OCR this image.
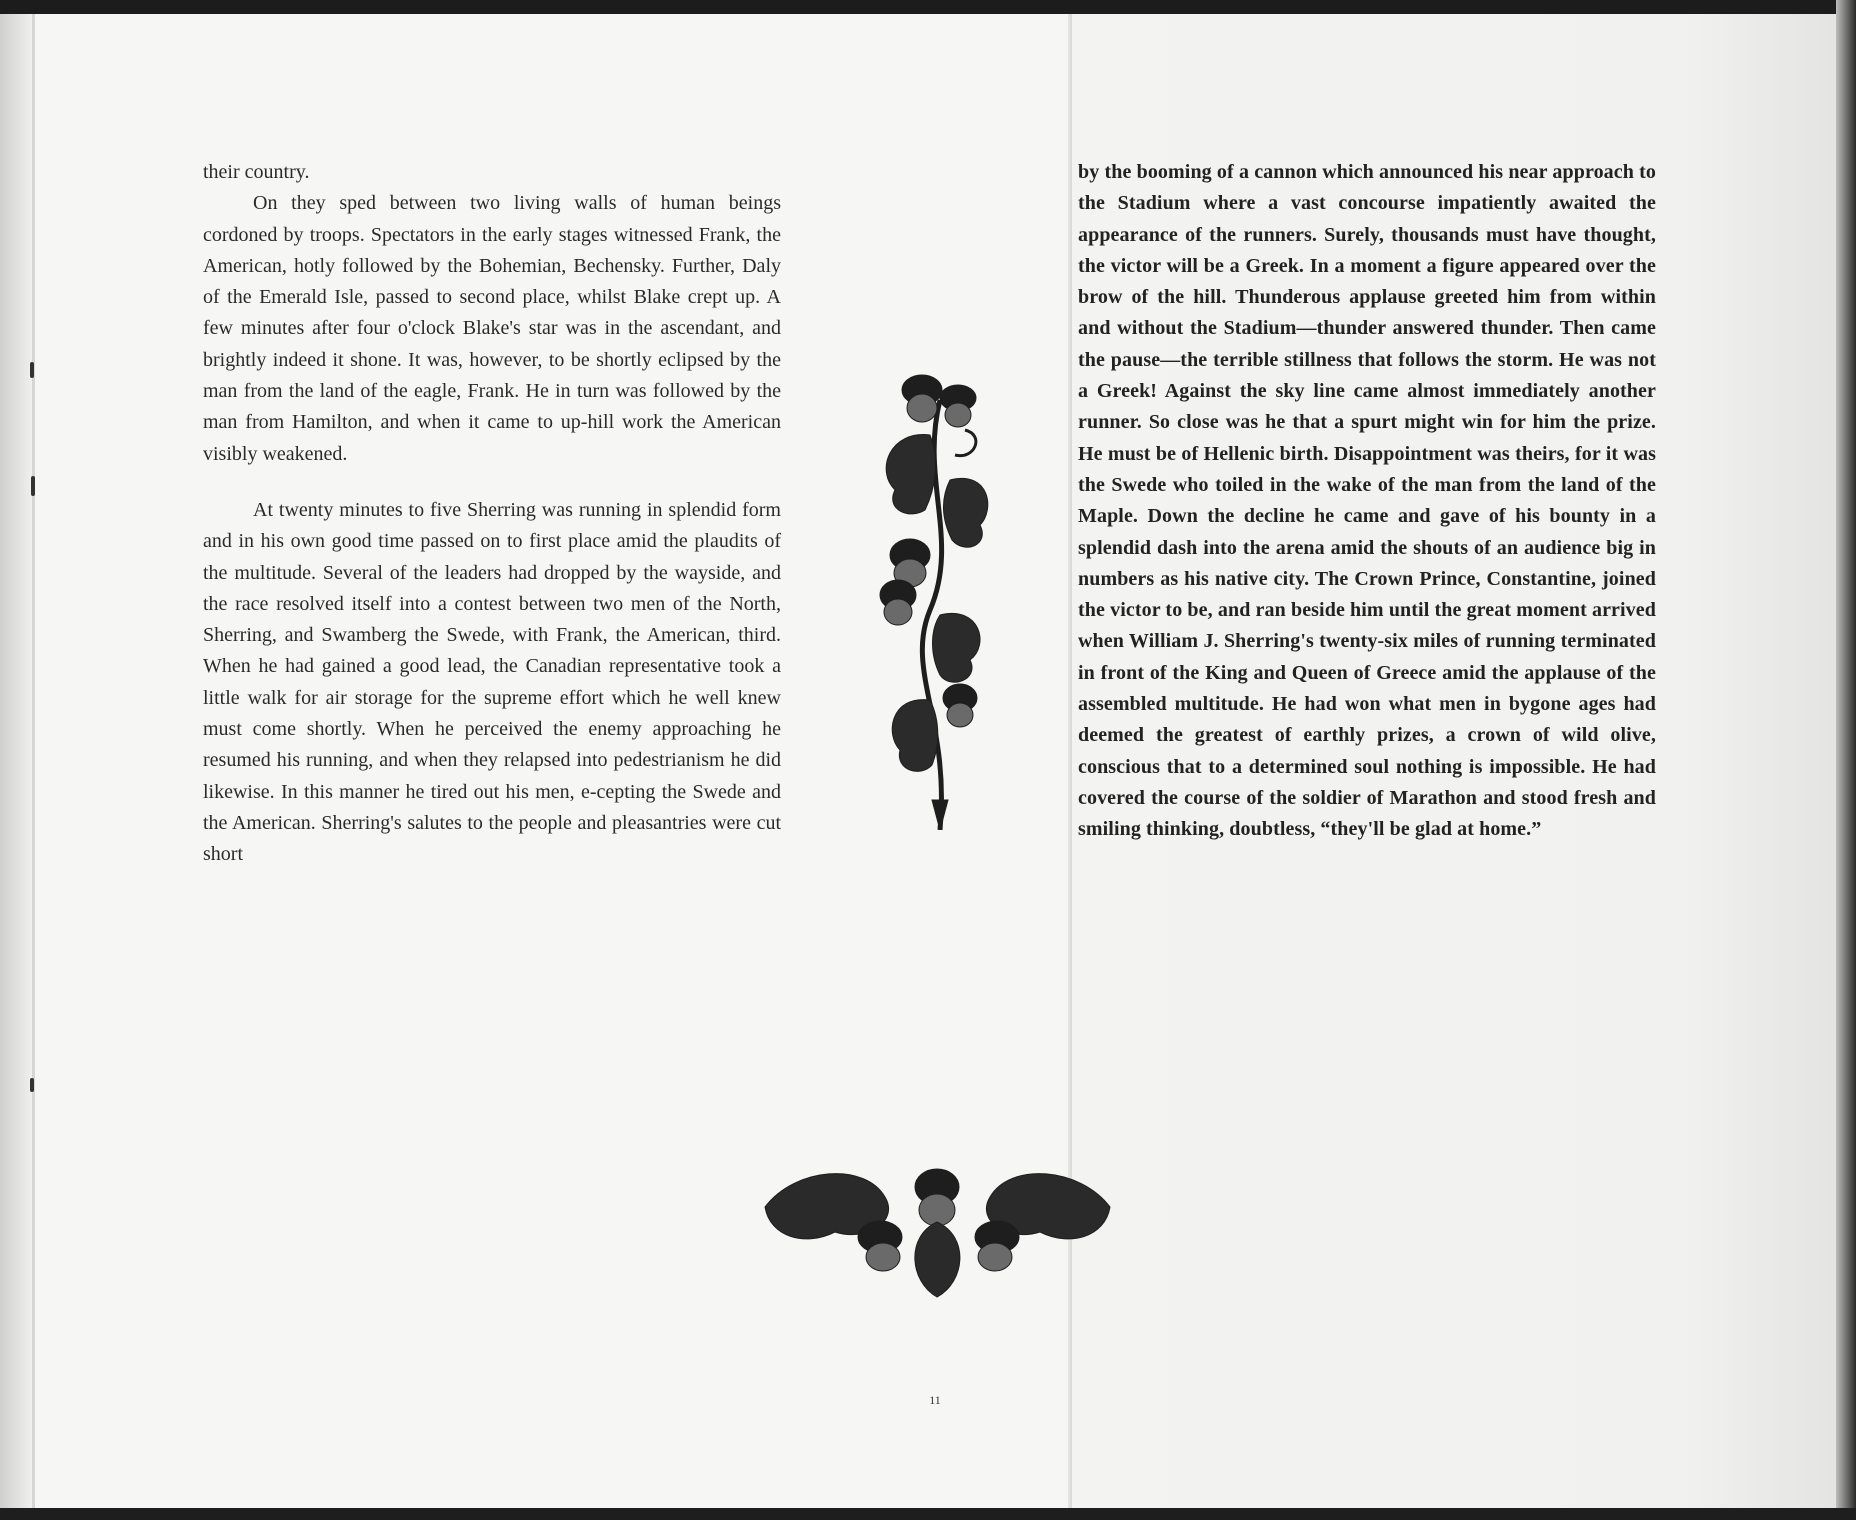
their country.

On they sped between two living walls of human beings cordoned by troops. Spectators in the early stages witnessed Frank, the American, hotly followed by the Bohemian, Bechensky. Further, Daly of the Emerald Isle, passed to second place, whilst Blake crept up. A few minutes after four o'clock Blake's star was in the ascendant, and brightly indeed it shone. It was, however, to be shortly eclipsed by the man from the land of the eagle, Frank. He in turn was followed by the man from Hamilton, and when it came to up-hill work the American visibly weakened.

At twenty minutes to five Sherring was running in splendid form and in his own good time passed on to first place amid the plaudits of the multitude. Several of the leaders had dropped by the wayside, and the race resolved itself into a contest between two men of the North, Sherring, and Swamberg the Swede, with Frank, the American, third. When he had gained a good lead, the Canadian representative took a little walk for air storage for the supreme effort which he well knew must come shortly. When he perceived the enemy approaching he resumed his running, and when they relapsed into pedestrianism he did likewise. In this manner he tired out his men, e‐cepting the Swede and the American. Sherring's salutes to the people and pleasantries were cut short

by the booming of a cannon which announced his near approach to the Stadium where a vast concourse impatiently awaited the appearance of the runners. Surely, thousands must have thought, the victor will be a Greek. In a moment a figure appeared over the brow of the hill. Thunderous applause greeted him from within and without the Stadium—thunder answered thunder. Then came the pause—the terrible stillness that follows the storm. He was not a Greek! Against the sky line came almost immediately another runner. So close was he that a spurt might win for him the prize. He must be of Hellenic birth. Disappointment was theirs, for it was the Swede who toiled in the wake of the man from the land of the Maple. Down the decline he came and gave of his bounty in a splendid dash into the arena amid the shouts of an audience big in numbers as his native city. The Crown Prince, Constantine, joined the victor to be, and ran beside him until the great moment arrived when William J. Sherring's twenty-six miles of running terminated in front of the King and Queen of Greece amid the applause of the assembled multitude. He had won what men in bygone ages had deemed the greatest of earthly prizes, a crown of wild olive, conscious that to a determined soul nothing is impossible. He had covered the course of the soldier of Marathon and stood fresh and smiling thinking, doubtless, “they'll be glad at home.”

11
